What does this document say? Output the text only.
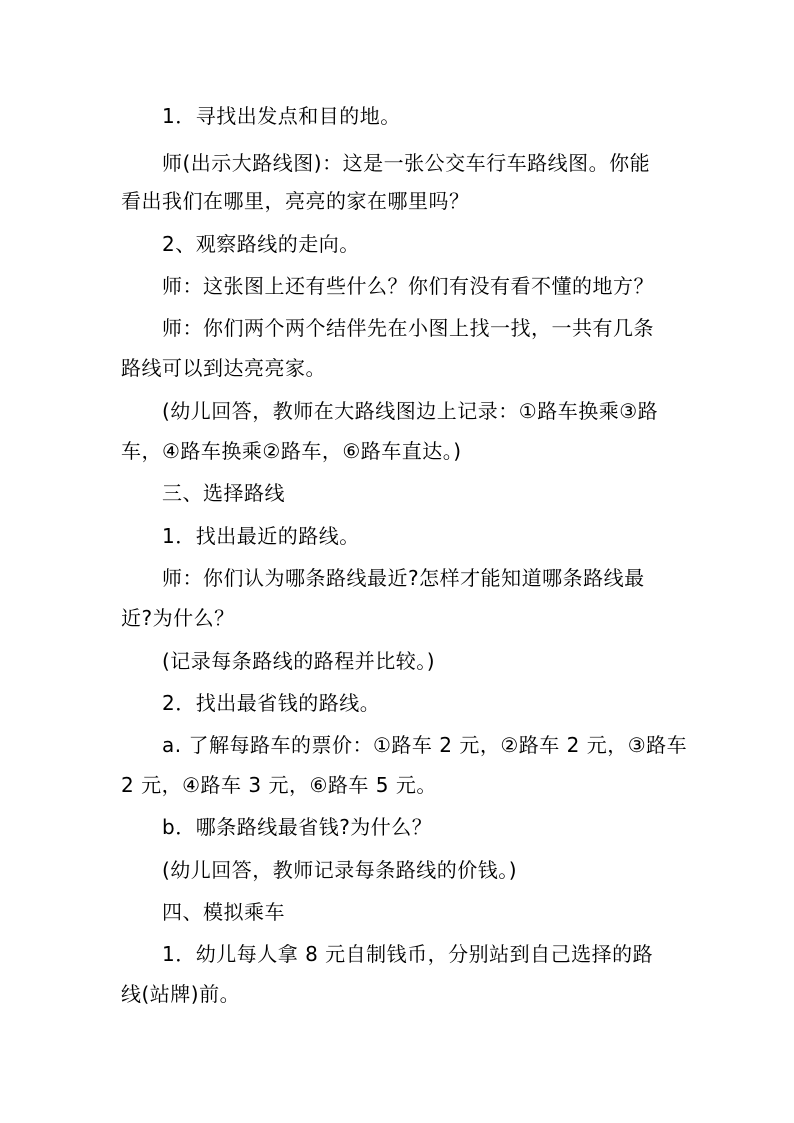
1．寻找出发点和目的地。
师(出示大路线图)：这是一张公交车行车路线图。你能
看出我们在哪里，亮亮的家在哪里吗？
2、观察路线的走向。
师：这张图上还有些什么？你们有没有看不懂的地方？
师：你们两个两个结伴先在小图上找一找，一共有几条
路线可以到达亮亮家。
(幼儿回答，教师在大路线图边上记录：①路车换乘③路
车，④路车换乘②路车，⑥路车直达。)
三、选择路线
1．找出最近的路线。
师：你们认为哪条路线最近?怎样才能知道哪条路线最
近?为什么？
(记录每条路线的路程并比较。)
2．找出最省钱的路线。
a. 了解每路车的票价：①路车 2 元，②路车 2 元，③路车
2 元，④路车 3 元，⑥路车 5 元。
b．哪条路线最省钱?为什么？
(幼儿回答，教师记录每条路线的价钱。)
四、模拟乘车
1．幼儿每人拿 8 元自制钱币，分别站到自己选择的路
线(站牌)前。
